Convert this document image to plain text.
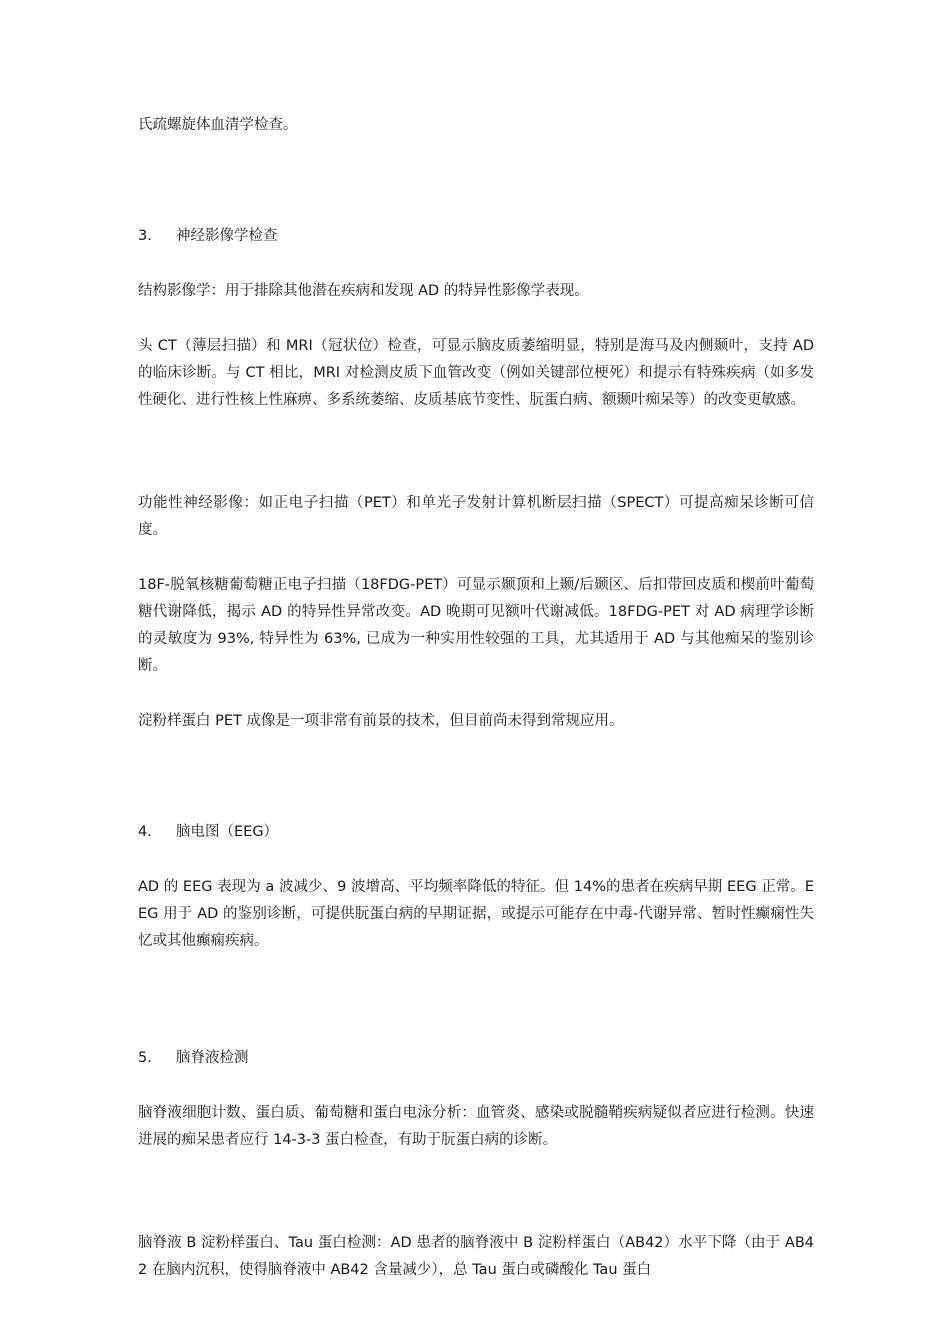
氏疏螺旋体血清学检查。

3.	神经影像学检查

结构影像学：用于排除其他潜在疾病和发现 AD 的特异性影像学表现。

头 CT（薄层扫描）和 MRI（冠状位）检查，可显示脑皮质萎缩明显，特别是海马及内侧颞叶，支持 AD 的临床诊断。与 CT 相比，MRI 对检测皮质下血管改变（例如关键部位梗死）和提示有特殊疾病（如多发性硬化、进行性核上性麻痹、多系统萎缩、皮质基底节变性、朊蛋白病、额颞叶痴呆等）的改变更敏感。

功能性神经影像：如正电子扫描（PET）和单光子发射计算机断层扫描（SPECT）可提高痴呆诊断可信度。

18F-脱氧核糖葡萄糖正电子扫描（18FDG-PET）可显示颞顶和上颞/后颞区、后扣带回皮质和楔前叶葡萄糖代谢降低，揭示 AD 的特异性异常改变。AD 晚期可见额叶代谢减低。18FDG-PET 对 AD 病理学诊断的灵敏度为 93%, 特异性为 63%, 已成为一种实用性较强的工具，尤其适用于 AD 与其他痴呆的鉴别诊断。

淀粉样蛋白 PET 成像是一项非常有前景的技术，但目前尚未得到常规应用。

4.	脑电图（EEG）

AD 的 EEG 表现为 a 波减少、9 波增高、平均频率降低的特征。但 14%的患者在疾病早期 EEG 正常。EEG 用于 AD 的鉴别诊断，可提供朊蛋白病的早期证据，或提示可能存在中毒-代谢异常、暂时性癫痫性失忆或其他癫痫疾病。

5.	脑脊液检测

脑脊液细胞计数、蛋白质、葡萄糖和蛋白电泳分析：血管炎、感染或脱髓鞘疾病疑似者应进行检测。快速进展的痴呆患者应行 14-3-3 蛋白检查，有助于朊蛋白病的诊断。

脑脊液 B 淀粉样蛋白、Tau 蛋白检测：AD 患者的脑脊液中 B 淀粉样蛋白（AB42）水平下降（由于 AB42 在脑内沉积，使得脑脊液中 AB42 含量减少），总 Tau 蛋白或磷酸化 Tau 蛋白
